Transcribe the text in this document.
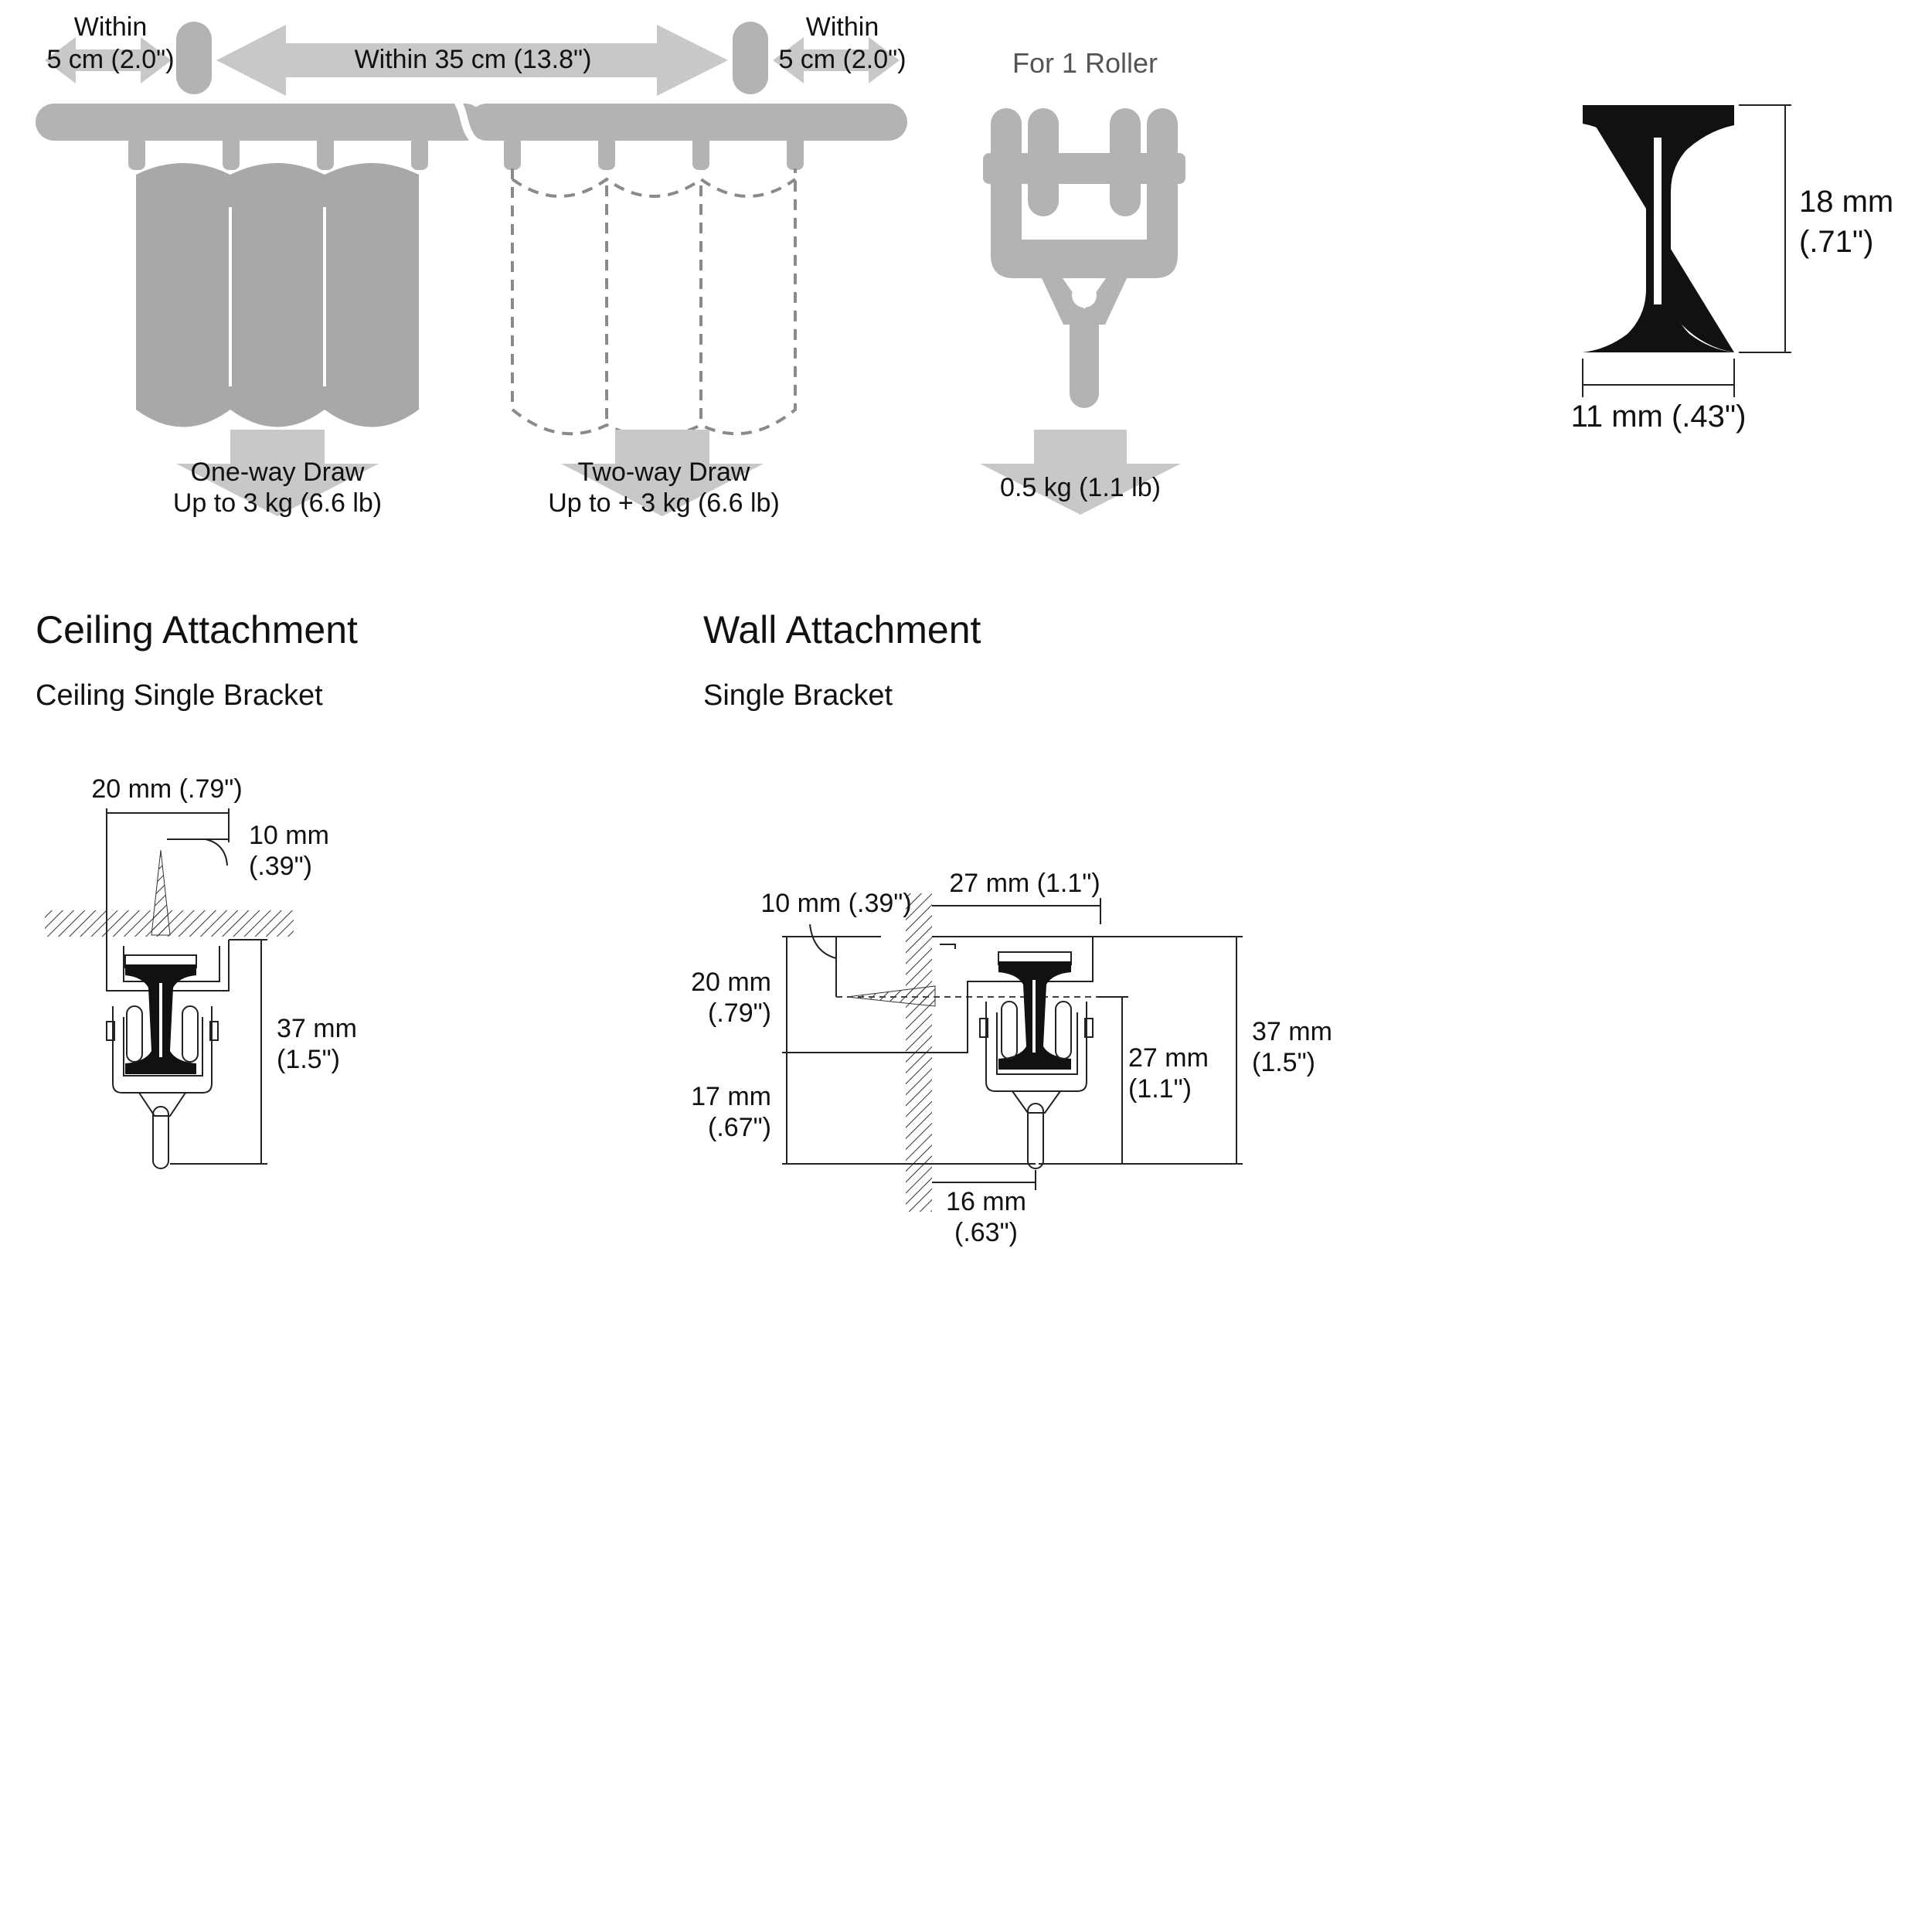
Within
5 cm (2.0")	Within 35 cm (13.8")
Within
5 cm (2.0")
One-way Draw
Up to 3 kg (6.6 lb)
Two-way Draw
Up to + 3 kg (6.6 lb)
For 1 Roller
0.5 kg (1.1 lb)
18 mm
(.71")
11 mm (.43")
Ceiling Attachment
Ceiling Single Bracket
Wall Attachment
Single Bracket
20 mm (.79")
10 mm
(.39")
37 mm
(1.5")
27 mm (1.1")
10 mm (.39")
20 mm
(.79")
17 mm
(.67")
27 mm
(1.1")
37 mm
(1.5")
16 mm
(.63")
